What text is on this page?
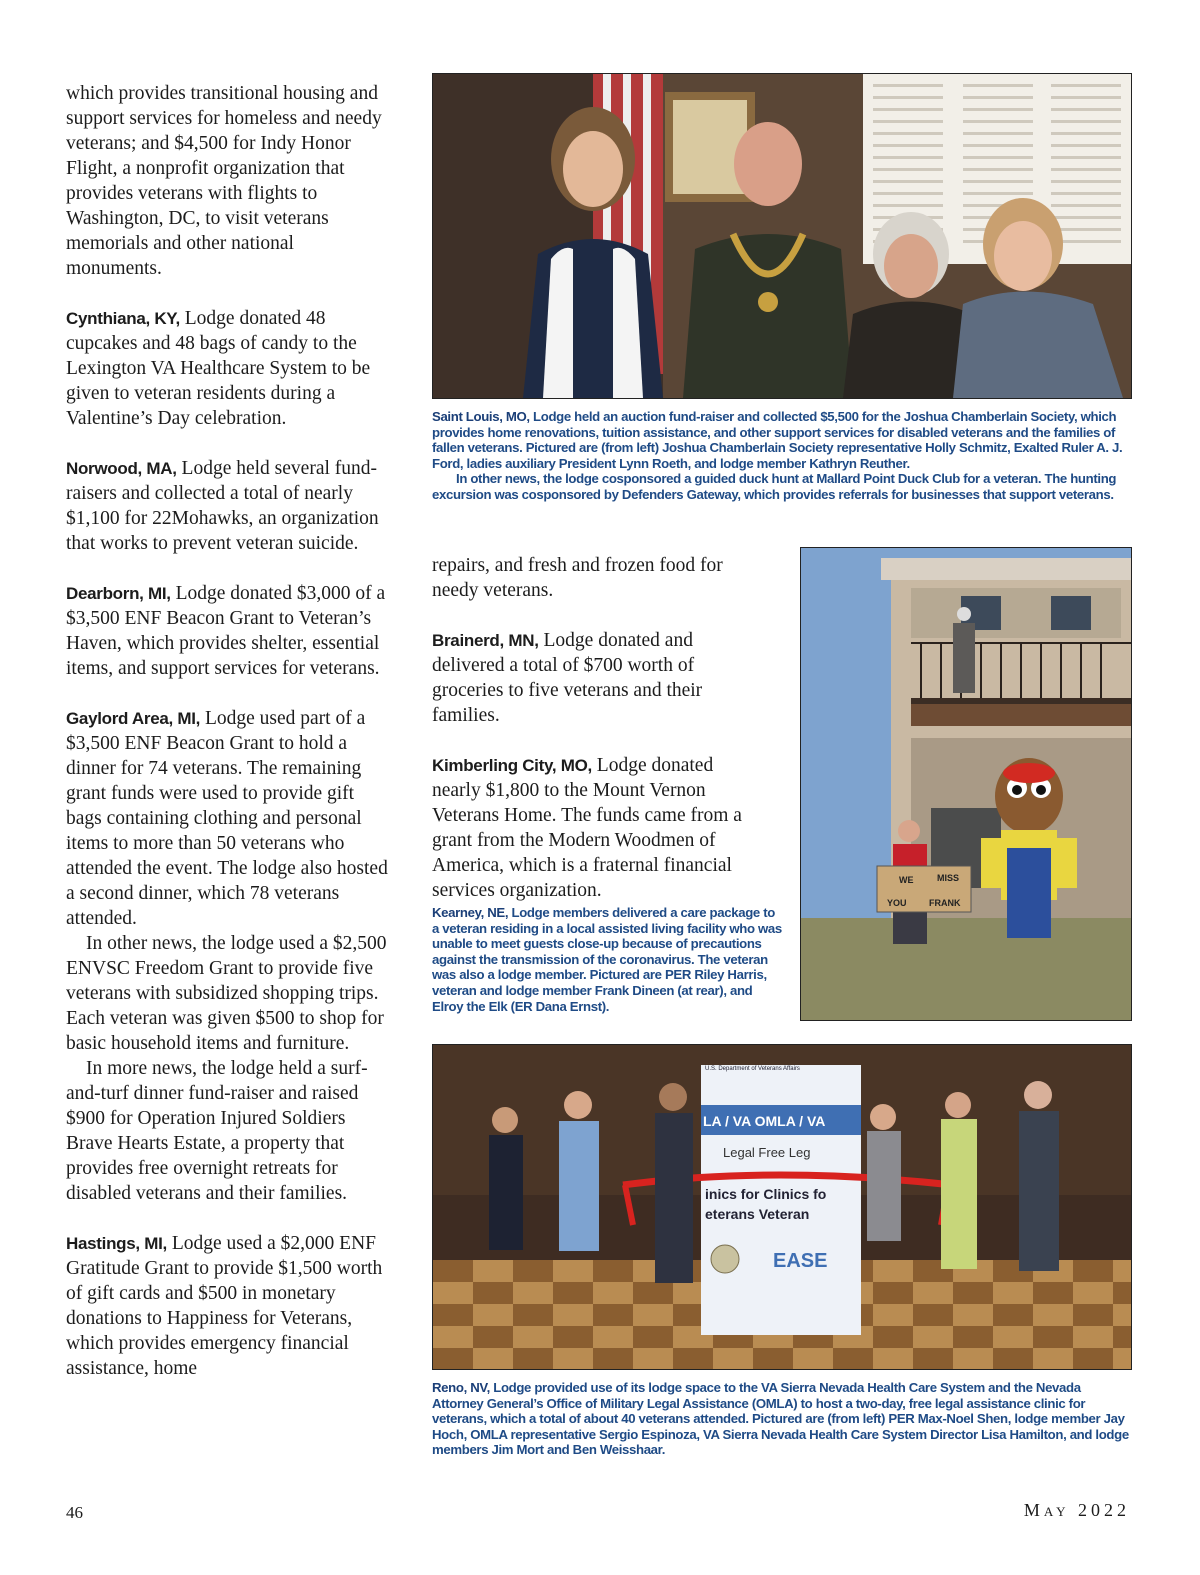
which provides transitional housing and support services for homeless and needy veterans; and $4,500 for Indy Honor Flight, a nonprofit organization that provides veterans with flights to Washington, DC, to visit veterans memorials and other national monuments.

Cynthiana, KY, Lodge donated 48 cupcakes and 48 bags of candy to the Lexington VA Healthcare System to be given to veteran residents during a Valentine’s Day celebration.

Norwood, MA, Lodge held several fund-raisers and collected a total of nearly $1,100 for 22Mohawks, an organization that works to prevent veteran suicide.

Dearborn, MI, Lodge donated $3,000 of a $3,500 ENF Beacon Grant to Veteran’s Haven, which provides shelter, essential items, and support services for veterans.

Gaylord Area, MI, Lodge used part of a $3,500 ENF Beacon Grant to hold a dinner for 74 veterans. The remaining grant funds were used to provide gift bags containing clothing and personal items to more than 50 veterans who attended the event. The lodge also hosted a second dinner, which 78 veterans attended.

In other news, the lodge used a $2,500 ENVSC Freedom Grant to provide five veterans with subsidized shopping trips. Each veteran was given $500 to shop for basic household items and furniture.

In more news, the lodge held a surf-and-turf dinner fund-raiser and raised $900 for Operation Injured Soldiers Brave Hearts Estate, a property that provides free overnight retreats for disabled veterans and their families.

Hastings, MI, Lodge used a $2,000 ENF Gratitude Grant to provide $1,500 worth of gift cards and $500 in monetary donations to Happiness for Veterans, which provides emergency financial assistance, home

Saint Louis, MO, Lodge held an auction fund-raiser and collected $5,500 for the Joshua Chamberlain Society, which provides home renovations, tuition assistance, and other support services for disabled veterans and the families of fallen veterans. Pictured are (from left) Joshua Chamberlain Society representative Holly Schmitz, Exalted Ruler A. J. Ford, ladies auxiliary President Lynn Roeth, and lodge member Kathryn Reuther.

In other news, the lodge cosponsored a guided duck hunt at Mallard Point Duck Club for a veteran. The hunting excursion was cosponsored by Defenders Gateway, which provides referrals for businesses that support veterans.

repairs, and fresh and frozen food for needy veterans.

Brainerd, MN, Lodge donated and delivered a total of $700 worth of groceries to five veterans and their families.

Kimberling City, MO, Lodge donated nearly $1,800 to the Mount Vernon Veterans Home. The funds came from a grant from the Modern Woodmen of America, which is a fraternal financial services organization.	WE	MISS
YOU FRANK

Kearney, NE, Lodge members delivered a care package to a veteran residing in a local assisted living facility who was unable to meet guests close-up because of precautions against the transmission of the coronavirus. The veteran was also a lodge member. Pictured are PER Riley Harris, veteran and lodge member Frank Dineen (at rear), and Elroy the Elk (ER Dana Ernst).

U.S. Department of Veterans Affairs
LA / VA OMLA / VA
Legal Free Leg
inics for Clinics fo
eterans Veteran
EASE

Reno, NV, Lodge provided use of its lodge space to the VA Sierra Nevada Health Care System and the Nevada Attorney General’s Office of Military Legal Assistance (OMLA) to host a two-day, free legal assistance clinic for veterans, which a total of about 40 veterans attended. Pictured are (from left) PER Max-Noel Shen, lodge member Jay Hoch, OMLA representative Sergio Espinoza, VA Sierra Nevada Health Care System Director Lisa Hamilton, and lodge members Jim Mort and Ben Weisshaar.

46	May 2022
